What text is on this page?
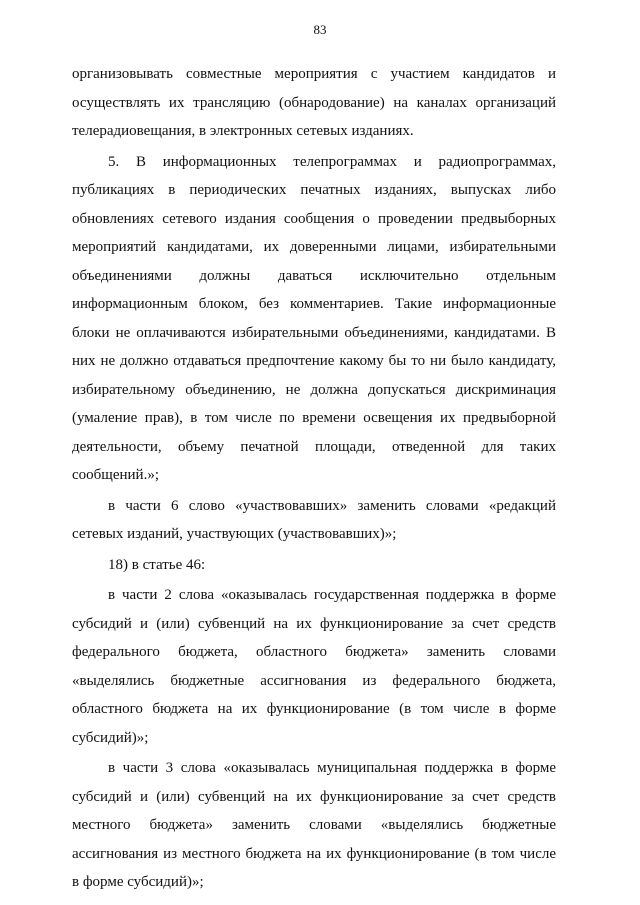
83

организовывать совместные мероприятия с участием кандидатов и
осуществлять их трансляцию (обнародование) на каналах организаций
телерадиовещания, в электронных сетевых изданиях.

5. В информационных телепрограммах и радиопрограммах,
публикациях в периодических печатных изданиях, выпусках либо
обновлениях сетевого издания сообщения о проведении предвыборных
мероприятий кандидатами, их доверенными лицами, избирательными
объединениями должны даваться исключительно отдельным
информационным блоком, без комментариев. Такие информационные
блоки не оплачиваются избирательными объединениями, кандидатами. В
них не должно отдаваться предпочтение какому бы то ни было кандидату,
избирательному объединению, не должна допускаться дискриминация
(умаление прав), в том числе по времени освещения их предвыборной
деятельности, объему печатной площади, отведенной для таких
сообщений.»;

в части 6 слово «участвовавших» заменить словами «редакций
сетевых изданий, участвующих (участвовавших)»;

18) в статье 46:

в части 2 слова «оказывалась государственная поддержка в форме
субсидий и (или) субвенций на их функционирование за счет средств
федерального бюджета, областного бюджета» заменить словами
«выделялись бюджетные ассигнования из федерального бюджета,
областного бюджета на их функционирование (в том числе в форме
субсидий)»;

в части 3 слова «оказывалась муниципальная поддержка в форме
субсидий и (или) субвенций на их функционирование за счет средств
местного бюджета» заменить словами «выделялись бюджетные
ассигнования из местного бюджета на их функционирование (в том числе
в форме субсидий)»;
